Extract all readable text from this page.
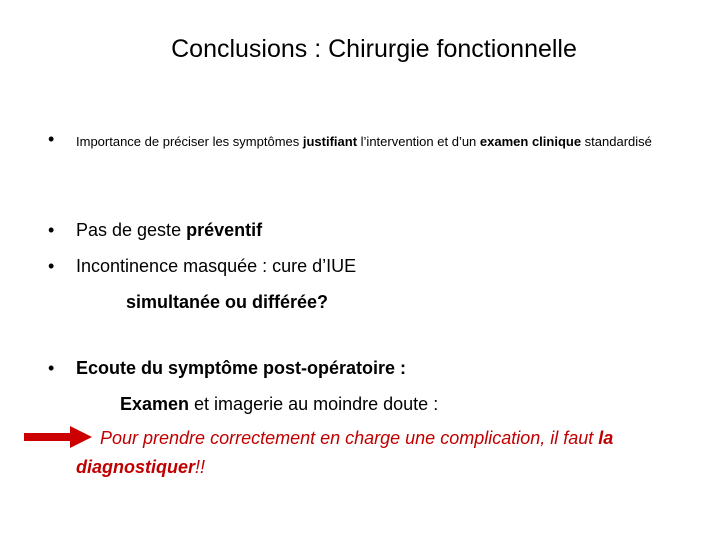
Conclusions : Chirurgie fonctionnelle
• Importance de préciser les symptômes justifiant l’intervention et d’un examen clinique standardisé
• Pas de geste préventif
• Incontinence masquée : cure d’IUE
simultanée ou différée?
• Ecoute du symptôme post-opératoire :
Examen et imagerie au moindre doute :
Pour prendre correctement en charge une complication, il faut la diagnostiquer!!
